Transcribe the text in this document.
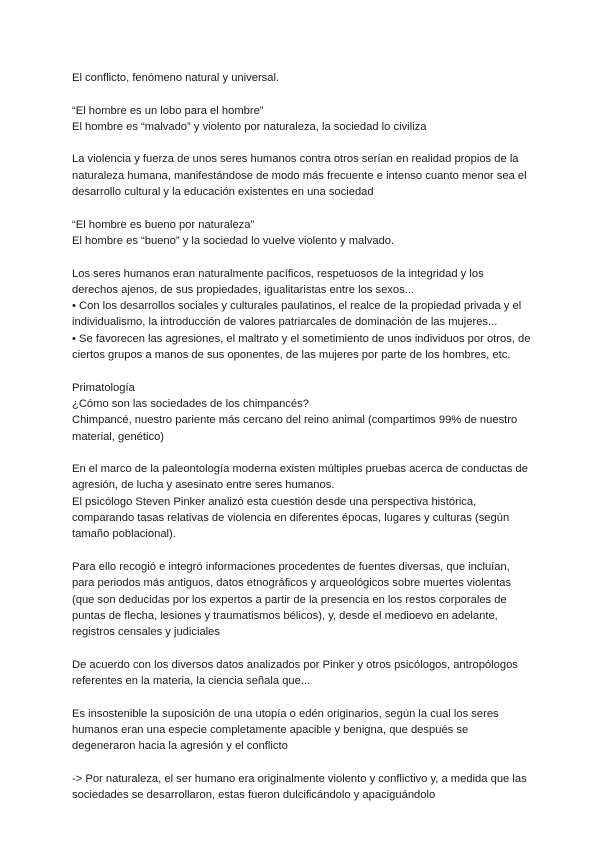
El conflicto, fenómeno natural y universal.
“El hombre es un lobo para el hombre”
El hombre es “malvado” y violento por naturaleza, la sociedad lo civiliza
La violencia y fuerza de unos seres humanos contra otros serían en realidad propios de la
naturaleza humana, manifestándose de modo más frecuente e intenso cuanto menor sea el
desarrollo cultural y la educación existentes en una sociedad
“El hombre es bueno por naturaleza”
El hombre es “bueno” y la sociedad lo vuelve violento y malvado.
Los seres humanos eran naturalmente pacíficos, respetuosos de la integridad y los
derechos ajenos, de sus propiedades, igualitaristas entre los sexos...
• Con los desarrollos sociales y culturales paulatinos, el realce de la propiedad privada y el
individualismo, la introducción de valores patriarcales de dominación de las mujeres...
• Se favorecen las agresiones, el maltrato y el sometimiento de unos individuos por otros, de
ciertos grupos a manos de sus oponentes, de las mujeres por parte de los hombres, etc.
Primatología
¿Cómo son las sociedades de los chimpancés?
Chimpancé, nuestro pariente más cercano del reino animal (compartimos 99% de nuestro
material, genético)
En el marco de la paleontología moderna existen múltiples pruebas acerca de conductas de
agresión, de lucha y asesinato entre seres humanos.
El psicólogo Steven Pinker analizó esta cuestión desde una perspectiva histórica,
comparando tasas relativas de violencia en diferentes épocas, lugares y culturas (según
tamaño poblacional).
Para ello recogió e integró informaciones procedentes de fuentes diversas, que incluían,
para periodos más antiguos, datos etnográficos y arqueológicos sobre muertes violentas
(que son deducidas por los expertos a partir de la presencia en los restos corporales de
puntas de flecha, lesiones y traumatismos bélicos), y, desde el medioevo en adelante,
registros censales y judiciales
De acuerdo con los diversos datos analizados por Pinker y otros psicólogos, antropólogos
referentes en la materia, la ciencia señala que...
Es insostenible la suposición de una utopía o edén originarios, según la cual los seres
humanos eran una especie completamente apacible y benigna, que después se
degeneraron hacia la agresión y el conflicto
-> Por naturaleza, el ser humano era originalmente violento y conflictivo y, a medida que las
sociedades se desarrollaron, estas fueron dulcificándolo y apaciguándolo
